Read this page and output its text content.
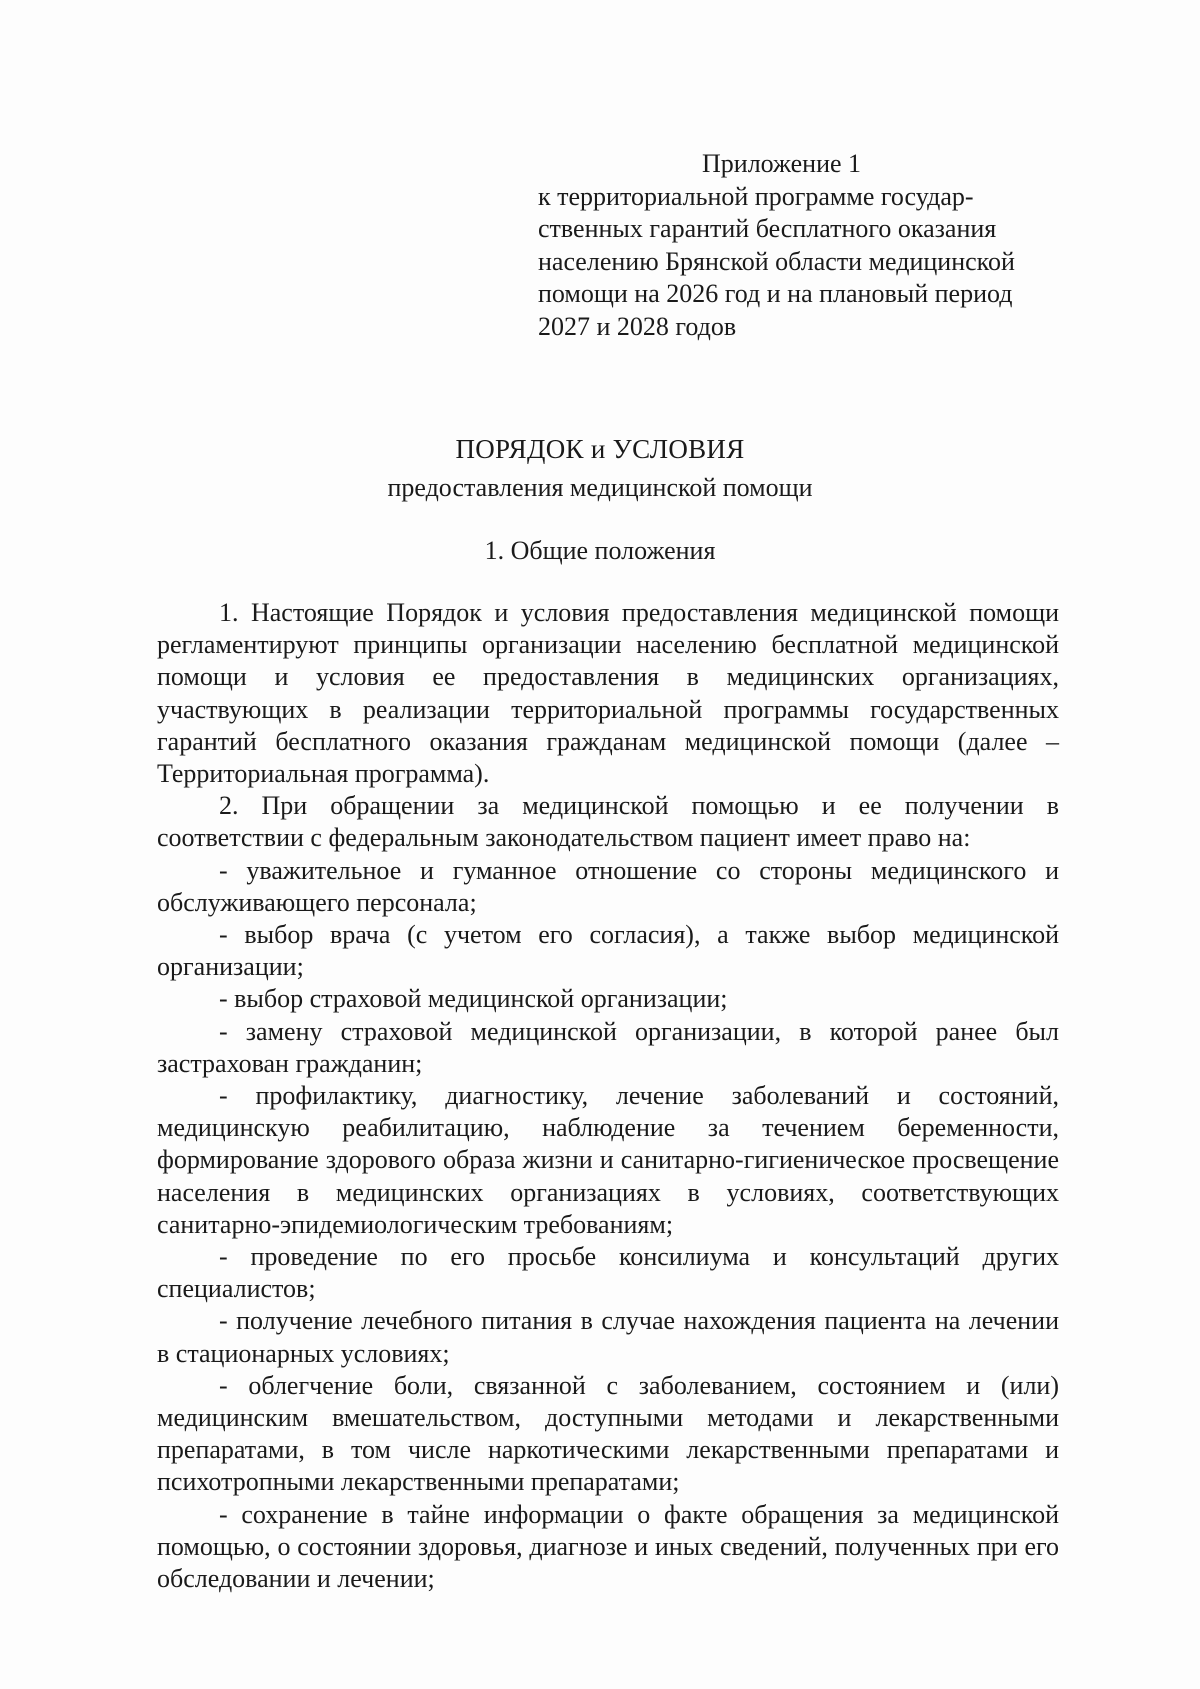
Приложение 1
к территориальной программе государ-
ственных гарантий бесплатного оказания
населению Брянской области медицинской
помощи на 2026 год и на плановый период
2027 и 2028 годов
ПОРЯДОК и УСЛОВИЯ
предоставления медицинской помощи
1. Общие положения

1. Настоящие Порядок и условия предоставления медицинской помощи регламентируют принципы организации населению бесплатной медицинской помощи и условия ее предоставления в медицинских организациях, участвующих в реализации территориальной программы государственных гарантий бесплатного оказания гражданам медицинской помощи (далее – Территориальная программа).

2. При обращении за медицинской помощью и ее получении в соответствии с федеральным законодательством пациент имеет право на:

- уважительное и гуманное отношение со стороны медицинского и обслуживающего персонала;

- выбор врача (с учетом его согласия), а также выбор медицинской организации;

- выбор страховой медицинской организации;

- замену страховой медицинской организации, в которой ранее был застрахован гражданин;

- профилактику, диагностику, лечение заболеваний и состояний, медицинскую реабилитацию, наблюдение за течением беременности, формирование здорового образа жизни и санитарно-гигиеническое просвещение населения в медицинских организациях в условиях, соответствующих санитарно-эпидемиологическим требованиям;

- проведение по его просьбе консилиума и консультаций других специалистов;

- получение лечебного питания в случае нахождения пациента на лечении в стационарных условиях;

- облегчение боли, связанной с заболеванием, состоянием и (или) медицинским вмешательством, доступными методами и лекарственными препаратами, в том числе наркотическими лекарственными препаратами и психотропными лекарственными препаратами;

- сохранение в тайне информации о факте обращения за медицинской помощью, о состоянии здоровья, диагнозе и иных сведений, полученных при его обследовании и лечении;
